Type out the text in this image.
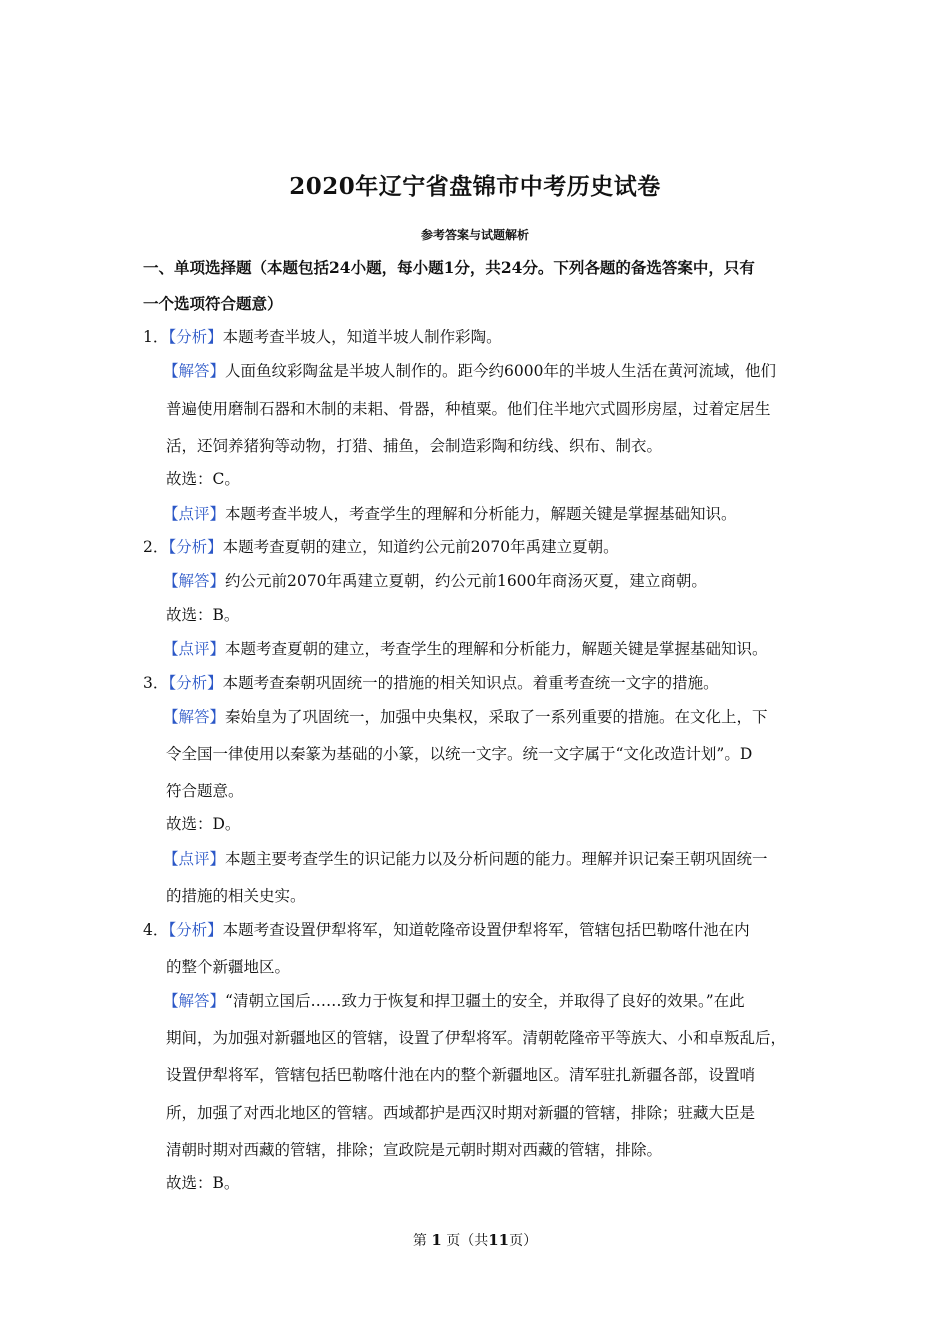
2020年辽宁省盘锦市中考历史试卷
参考答案与试题解析
一、单项选择题（本题包括24小题，每小题1分，共24分。下列各题的备选答案中，只有
一个选项符合题意）
1．【分析】本题考查半坡人，知道半坡人制作彩陶。
【解答】人面鱼纹彩陶盆是半坡人制作的。距今约6000年的半坡人生活在黄河流域，他们
普遍使用磨制石器和木制的耒耜、骨器，种植粟。他们住半地穴式圆形房屋，过着定居生
活，还饲养猪狗等动物，打猎、捕鱼，会制造彩陶和纺线、织布、制衣。
故选：C。
【点评】本题考查半坡人，考查学生的理解和分析能力，解题关键是掌握基础知识。
2．【分析】本题考查夏朝的建立，知道约公元前2070年禹建立夏朝。
【解答】约公元前2070年禹建立夏朝，约公元前1600年商汤灭夏，建立商朝。
故选：B。
【点评】本题考查夏朝的建立，考查学生的理解和分析能力，解题关键是掌握基础知识。
3．【分析】本题考查秦朝巩固统一的措施的相关知识点。着重考查统一文字的措施。
【解答】秦始皇为了巩固统一，加强中央集权，采取了一系列重要的措施。在文化上，下
令全国一律使用以秦篆为基础的小篆，以统一文字。统一文字属于“文化改造计划”。D
符合题意。
故选：D。
【点评】本题主要考查学生的识记能力以及分析问题的能力。理解并识记秦王朝巩固统一
的措施的相关史实。
4．【分析】本题考查设置伊犁将军，知道乾隆帝设置伊犁将军，管辖包括巴勒喀什池在内
的整个新疆地区。
【解答】“清朝立国后……致力于恢复和捍卫疆土的安全，并取得了良好的效果。”在此
期间，为加强对新疆地区的管辖，设置了伊犁将军。清朝乾隆帝平等族大、小和卓叛乱后，
设置伊犁将军，管辖包括巴勒喀什池在内的整个新疆地区。清军驻扎新疆各部，设置哨
所，加强了对西北地区的管辖。西域都护是西汉时期对新疆的管辖，排除；驻藏大臣是
清朝时期对西藏的管辖，排除；宣政院是元朝时期对西藏的管辖，排除。
故选：B。
第 1 页（共11页）
